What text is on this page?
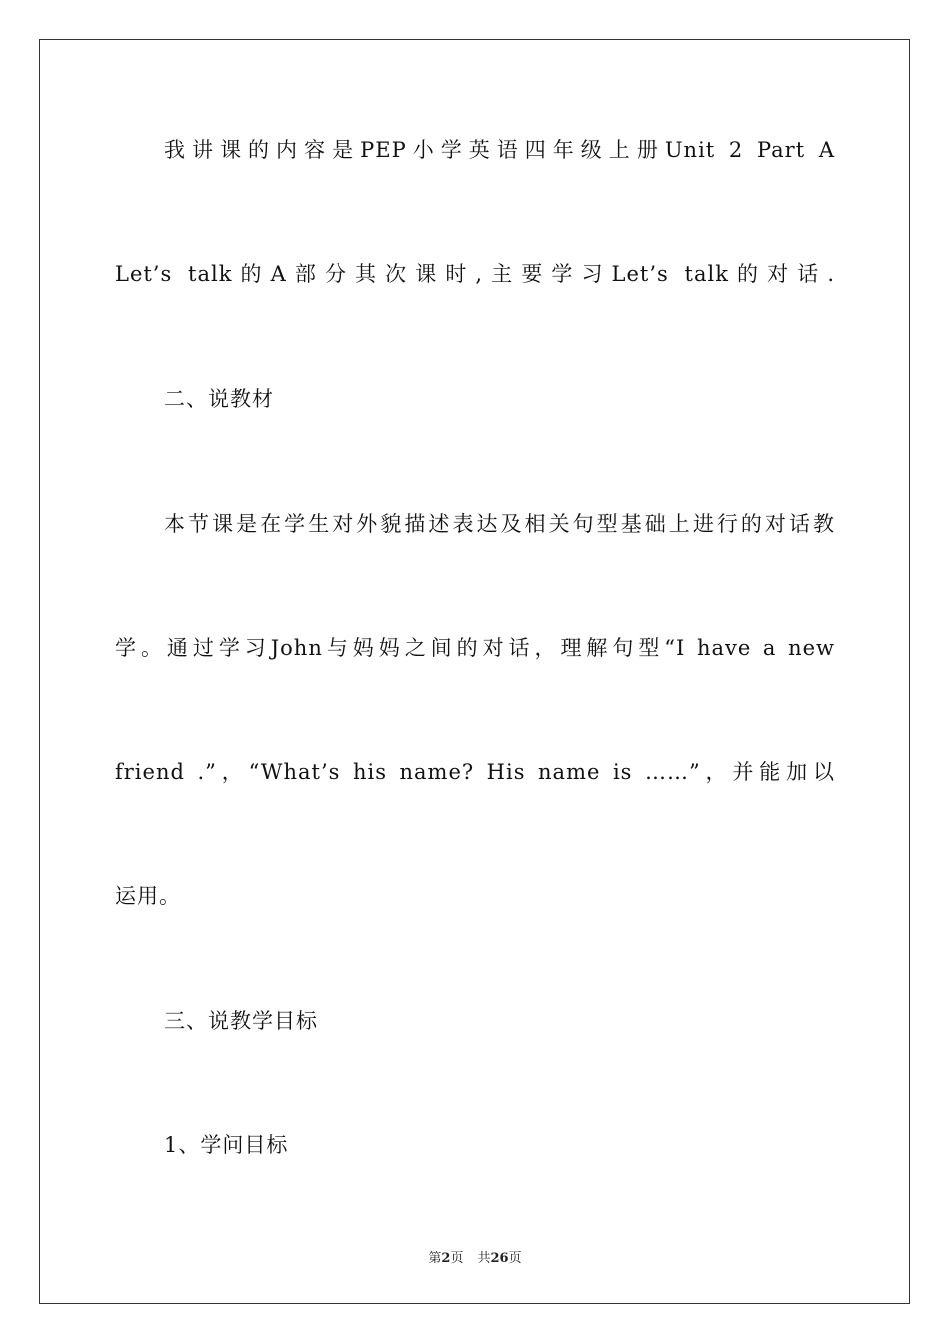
我讲课的内容是PEP小学英语四年级上册Unit 2 Part A
Let’s talk的A部分其次课时,主要学习Let’s talk的对话.
二、说教材
本节课是在学生对外貌描述表达及相关句型基础上进行的对话教
学。通过学习John与妈妈之间的对话，理解句型“I have a new
friend .”，“What’s his name? His name is ……”，并能加以
运用。
三、说教学目标
1、学问目标
第2页 共26页
